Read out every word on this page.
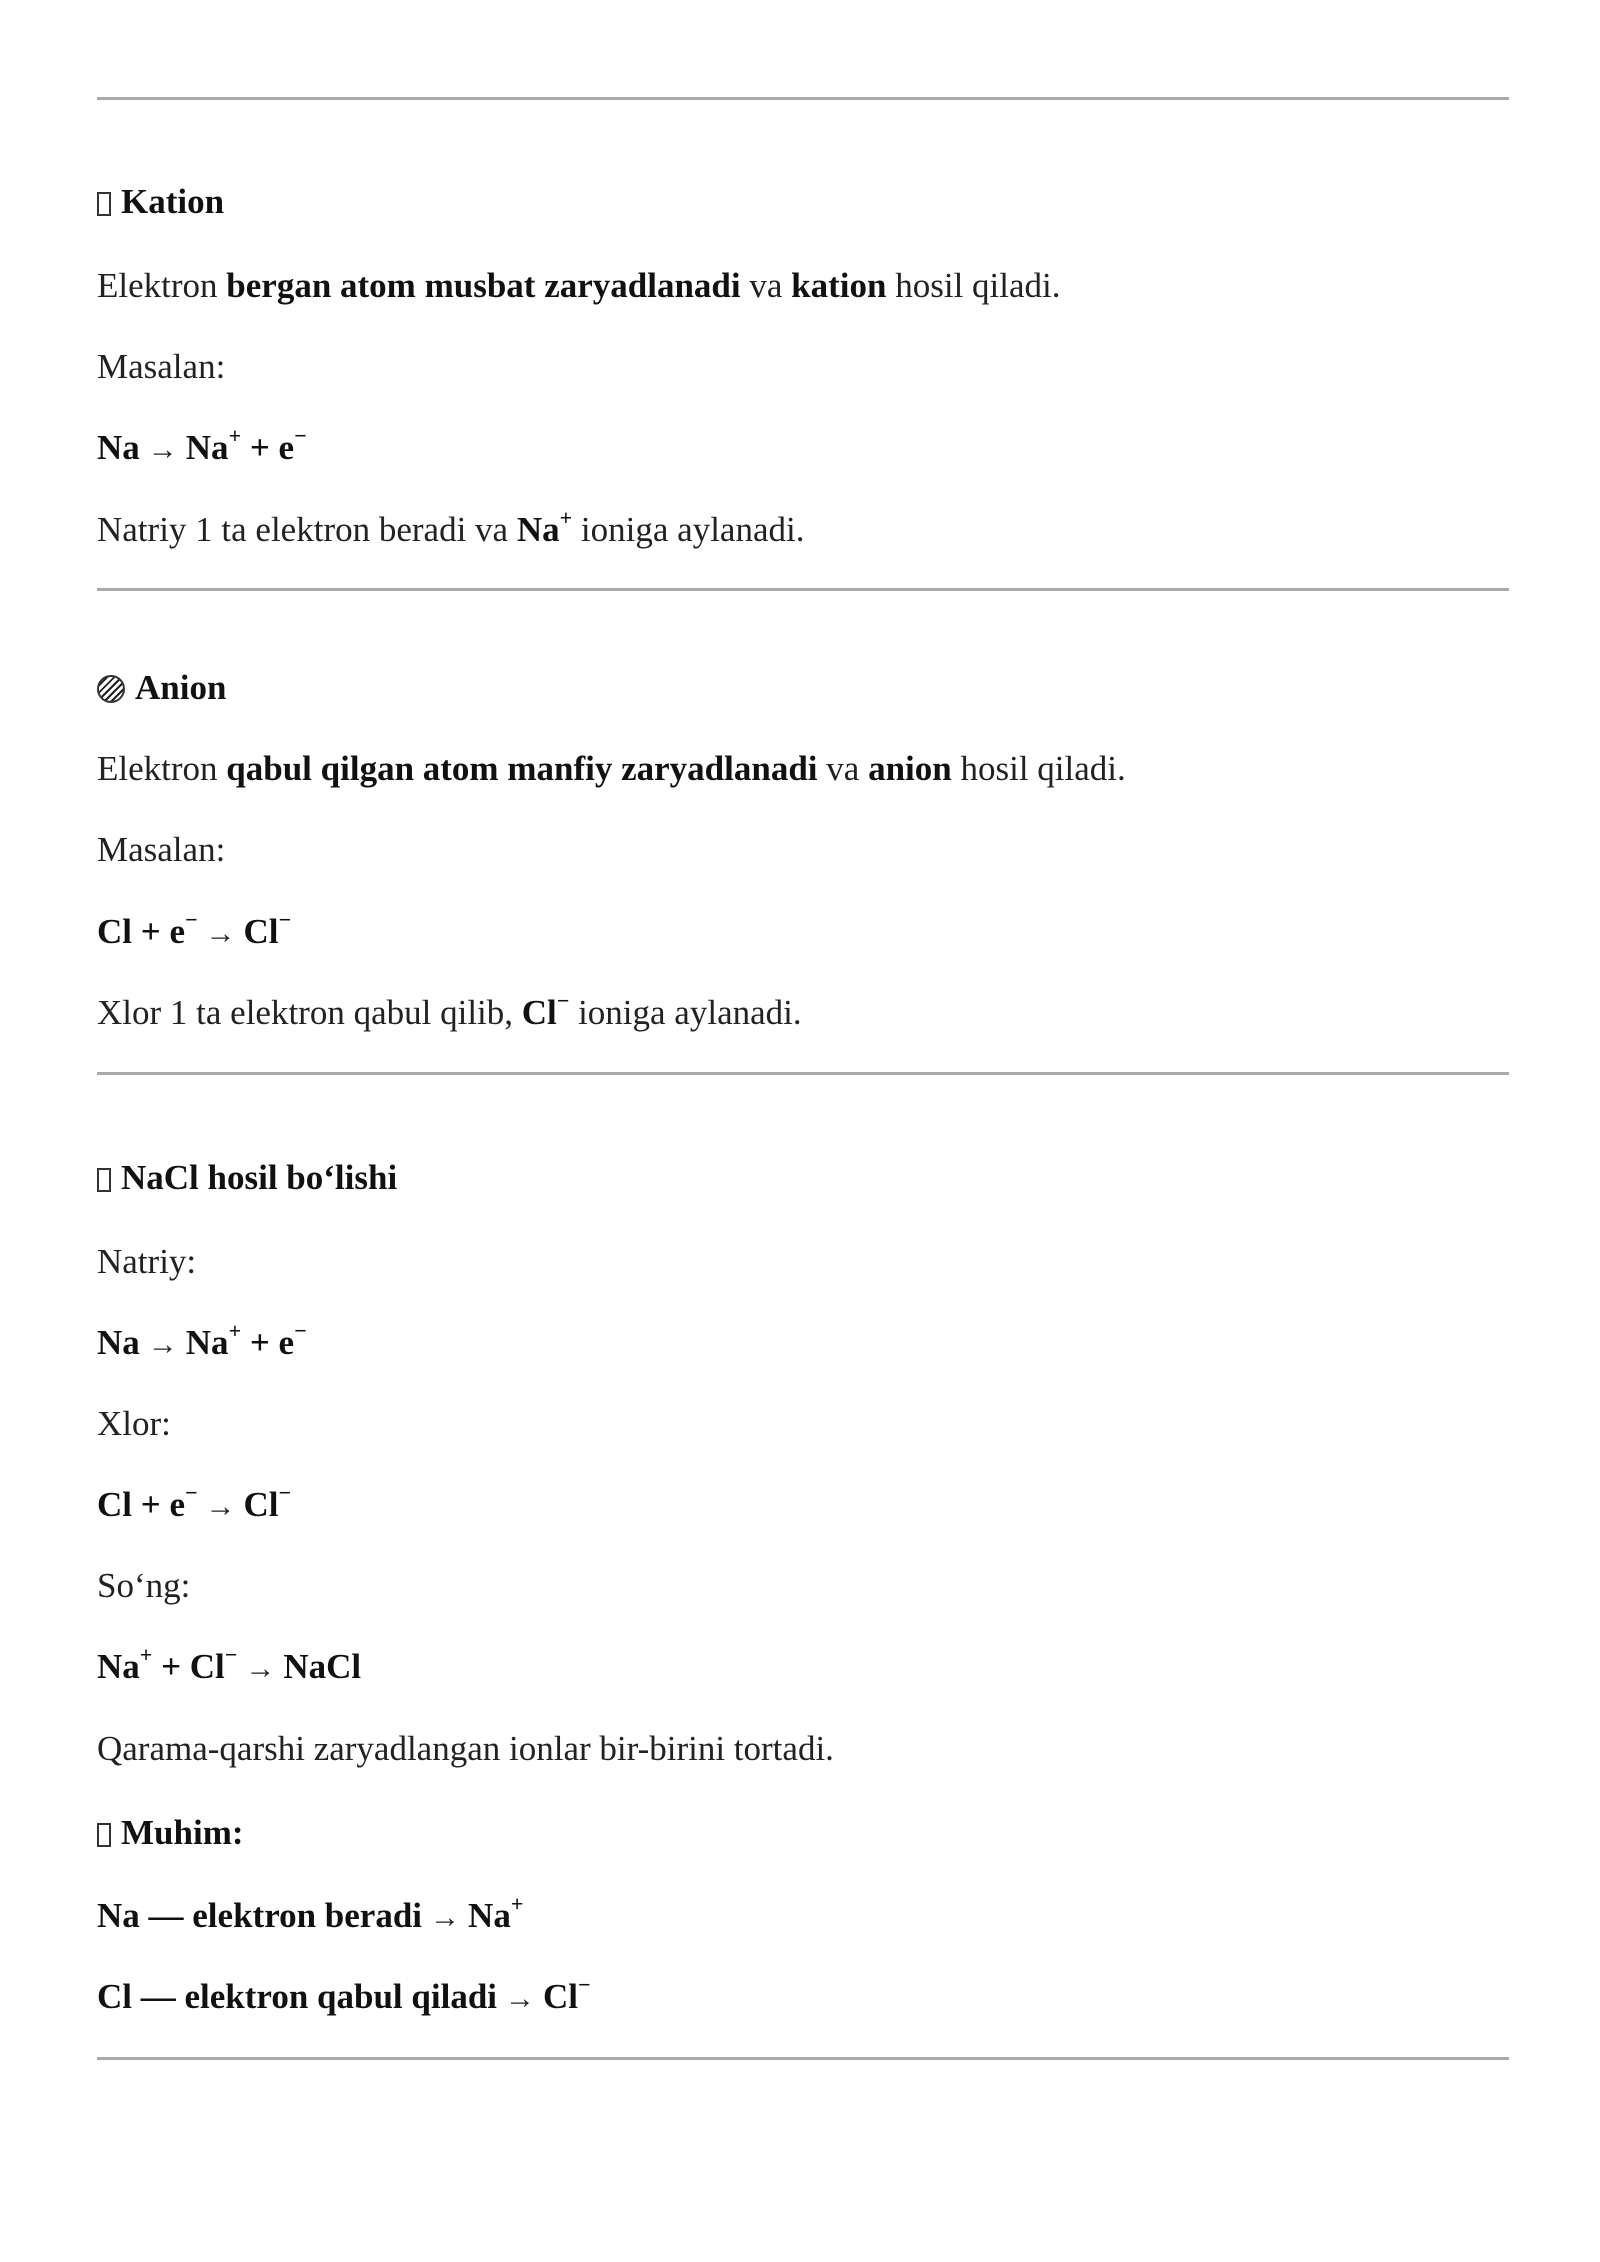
Kation
Elektron bergan atom musbat zaryadlanadi va kation hosil qiladi.
Masalan:
Na → Na+ + e−
Natriy 1 ta elektron beradi va Na+ ioniga aylanadi.
Anion
Elektron qabul qilgan atom manfiy zaryadlanadi va anion hosil qiladi.
Masalan:
Cl + e− → Cl−
Xlor 1 ta elektron qabul qilib, Cl− ioniga aylanadi.
NaCl hosil bo‘lishi
Natriy:
Na → Na+ + e−
Xlor:
Cl + e− → Cl−
So‘ng:
Na+ + Cl− → NaCl
Qarama-qarshi zaryadlangan ionlar bir-birini tortadi.
Muhim:
Na — elektron beradi → Na+
Cl — elektron qabul qiladi → Cl−
